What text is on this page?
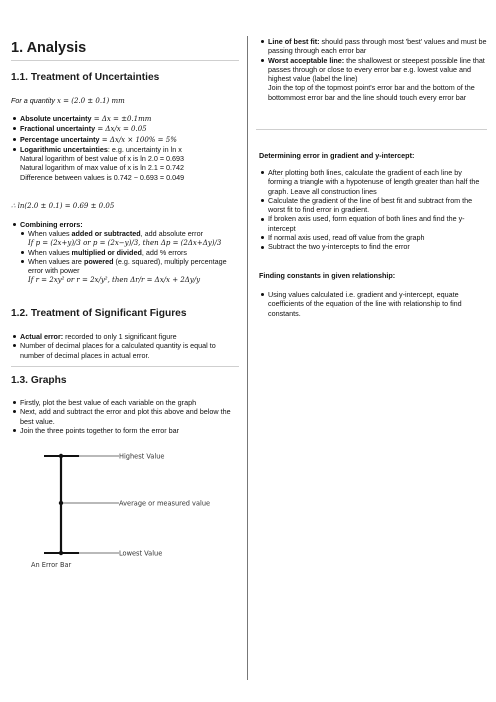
1. Analysis
1.1. Treatment of Uncertainties
For a quantity x = (2.0 ± 0.1) mm
Absolute uncertainty = Δx = ±0.1mm
Fractional uncertainty = Δx/x = 0.05
Percentage uncertainty = Δx/x × 100% = 5%
Logarithmic uncertainties: e.g. uncertainty in ln x
Natural logarithm of best value of x is ln 2.0 = 0.693
Natural logarithm of max value of x is ln 2.1 = 0.742
Difference between values is 0.742 − 0.693 = 0.049
∴ ln(2.0 ± 0.1) = 0.69 ± 0.05
Combining errors:
When values added or subtracted, add absolute error
If p = (2x+y)/3 or p = (2x−y)/3, then Δp = (2Δx+Δy)/3
When values multiplied or divided, add % errors
When values are powered (e.g. squared), multiply percentage error with power
If r = 2xy² or r = 2x/y², then Δr/r = Δx/x + 2Δy/y
1.2. Treatment of Significant Figures
Actual error: recorded to only 1 significant figure
Number of decimal places for a calculated quantity is equal to number of decimal places in actual error.
1.3. Graphs
Firstly, plot the best value of each variable on the graph
Next, add and subtract the error and plot this above and below the best value.
Join the three points together to form the error bar
Highest Value
Average or measured value
Lowest Value
An Error Bar
Line of best fit: should pass through most 'best' values and must be passing through each error bar
Worst acceptable line: the shallowest or steepest possible line that passes through or close to every error bar e.g. lowest value and highest value (label the line)
Join the top of the topmost point's error bar and the bottom of the bottommost error bar and the line should touch every error bar
Determining error in gradient and y-intercept:
After plotting both lines, calculate the gradient of each line by forming a triangle with a hypotenuse of length greater than half the graph. Leave all construction lines
Calculate the gradient of the line of best fit and subtract from the worst fit to find error in gradient.
If broken axis used, form equation of both lines and find the y-intercept
If normal axis used, read off value from the graph
Subtract the two y-intercepts to find the error
Finding constants in given relationship:
Using values calculated i.e. gradient and y-intercept, equate coefficients of the equation of the line with relationship to find constants.
